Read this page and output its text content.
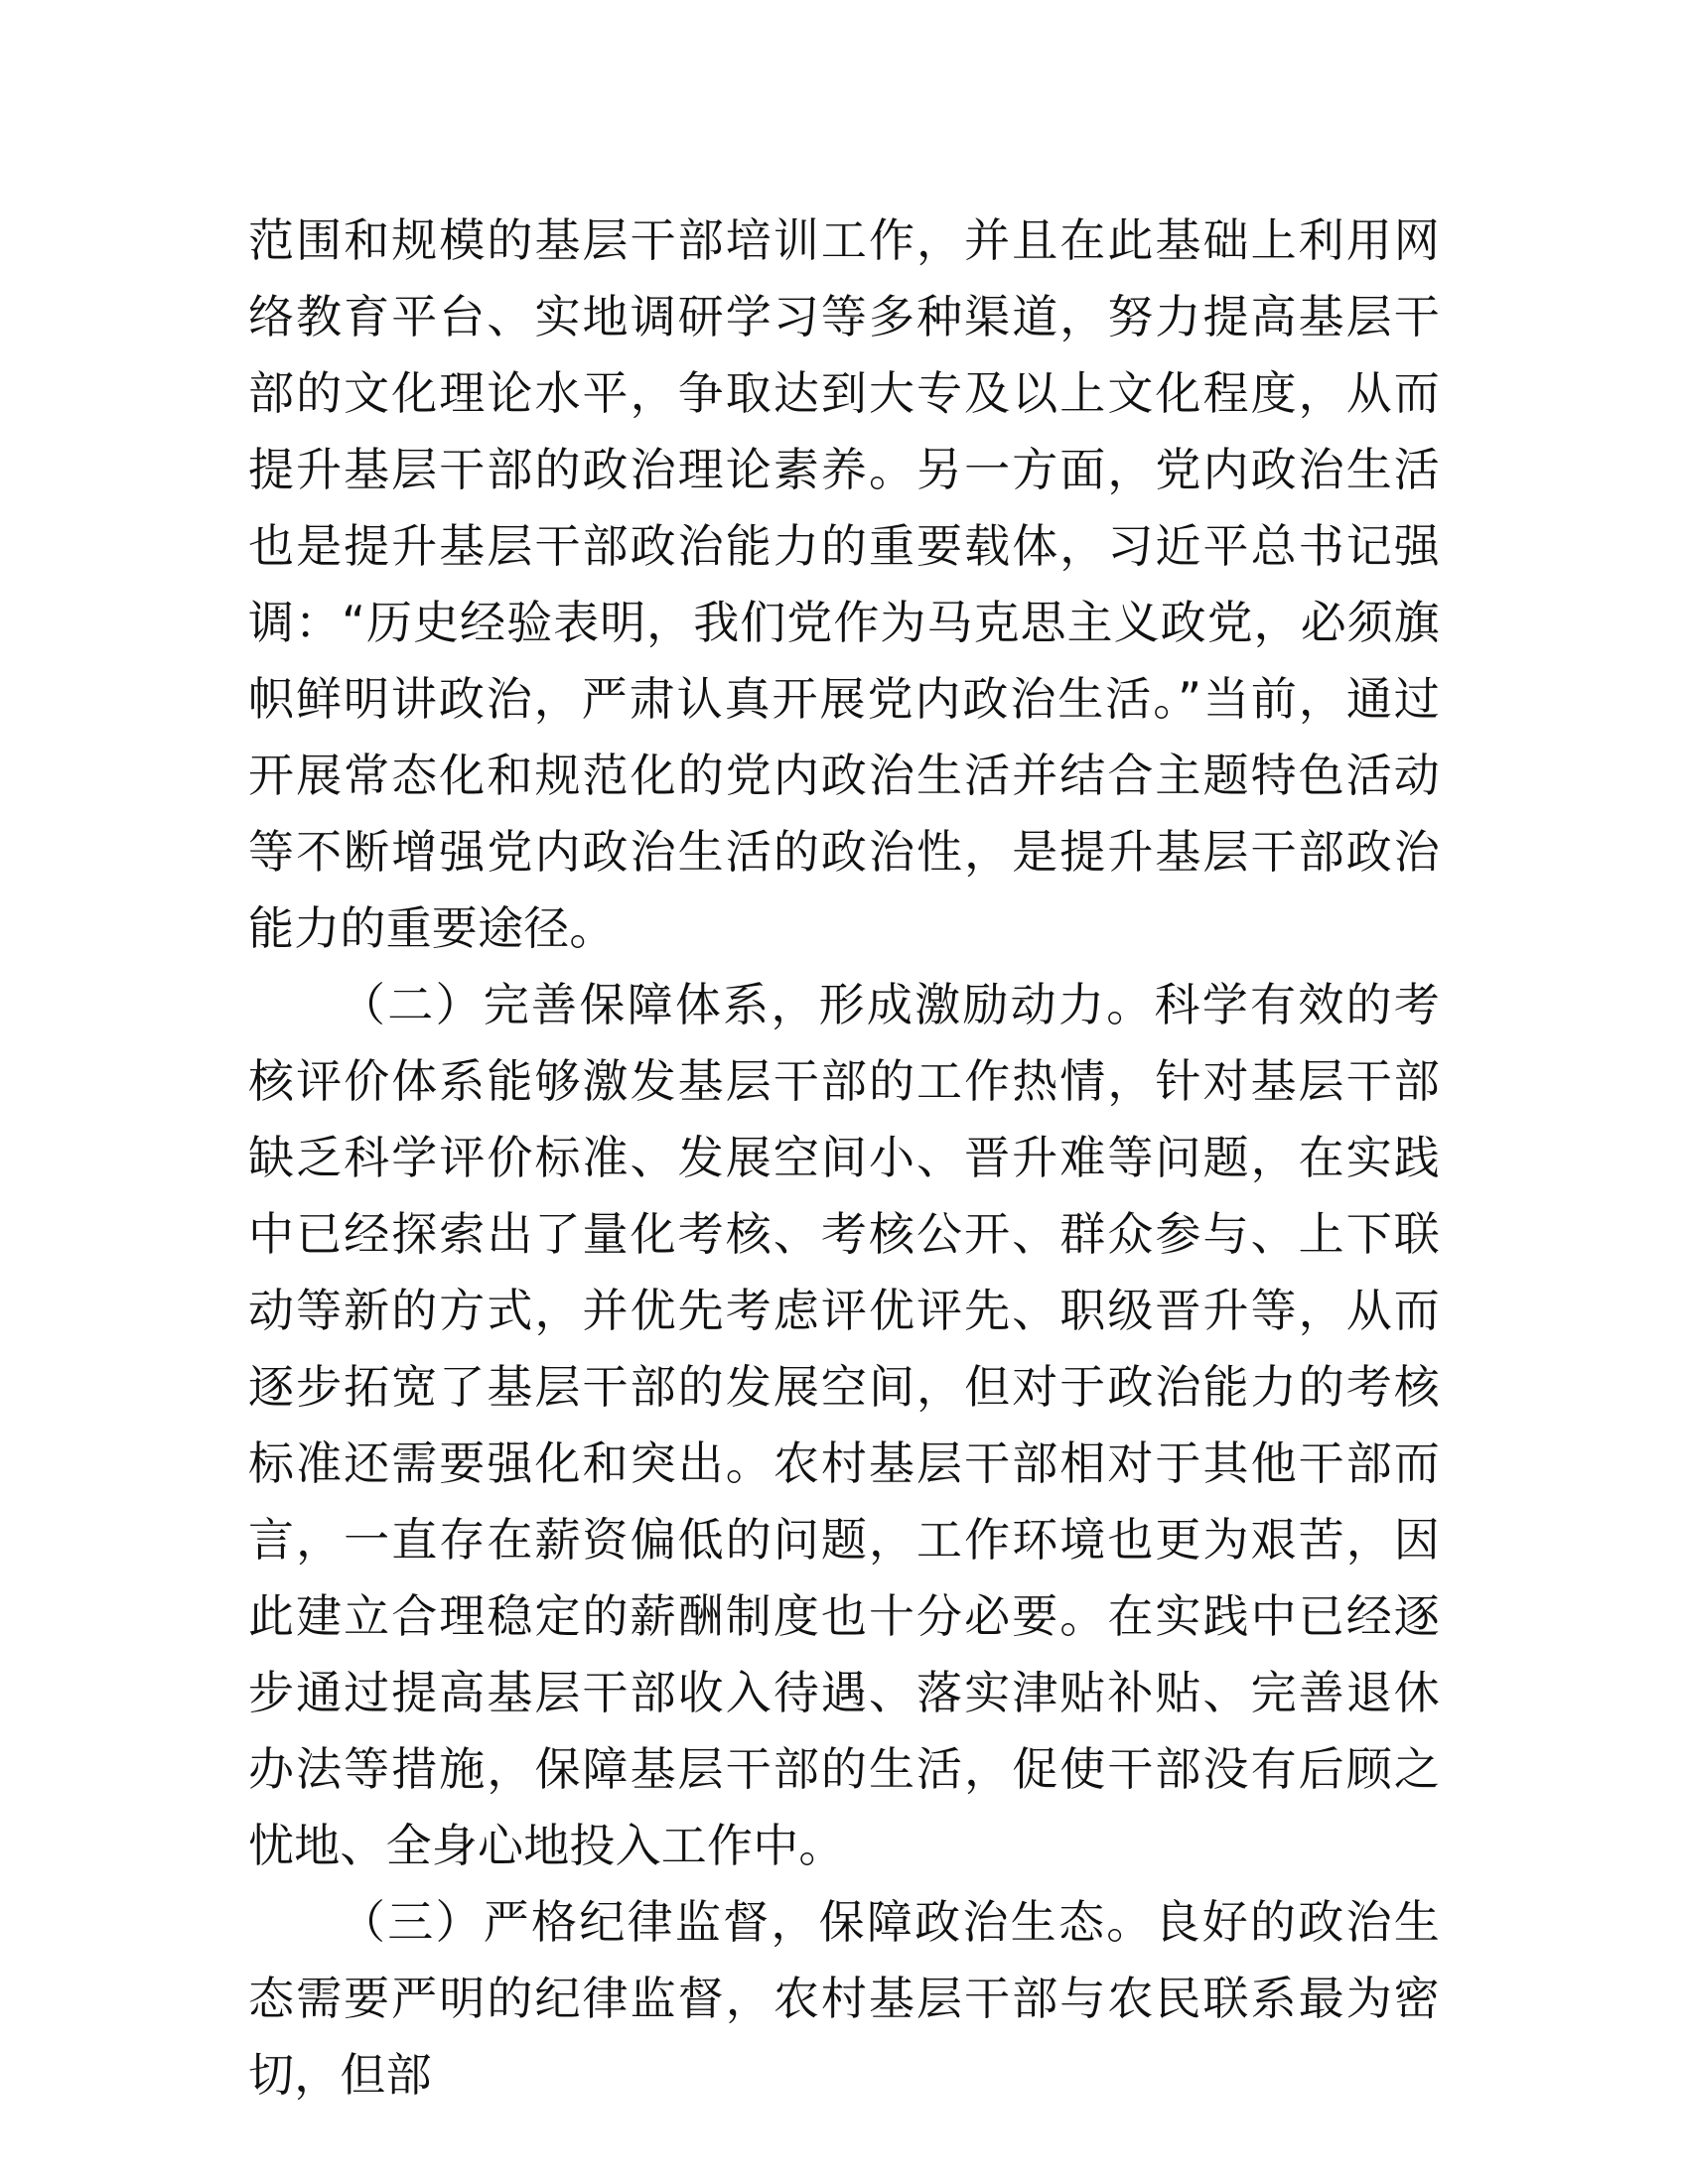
范围和规模的基层干部培训工作，并且在此基础上利用网络教育平台、实地调研学习等多种渠道，努力提高基层干部的文化理论水平，争取达到大专及以上文化程度，从而提升基层干部的政治理论素养。另一方面，党内政治生活也是提升基层干部政治能力的重要载体，习近平总书记强调：“历史经验表明，我们党作为马克思主义政党，必须旗帜鲜明讲政治，严肃认真开展党内政治生活。”当前，通过开展常态化和规范化的党内政治生活并结合主题特色活动等不断增强党内政治生活的政治性，是提升基层干部政治能力的重要途径。

（二）完善保障体系，形成激励动力。科学有效的考核评价体系能够激发基层干部的工作热情，针对基层干部缺乏科学评价标准、发展空间小、晋升难等问题，在实践中已经探索出了量化考核、考核公开、群众参与、上下联动等新的方式，并优先考虑评优评先、职级晋升等，从而逐步拓宽了基层干部的发展空间，但对于政治能力的考核标准还需要强化和突出。农村基层干部相对于其他干部而言，一直存在薪资偏低的问题，工作环境也更为艰苦，因此建立合理稳定的薪酬制度也十分必要。在实践中已经逐步通过提高基层干部收入待遇、落实津贴补贴、完善退休办法等措施，保障基层干部的生活，促使干部没有后顾之忧地、全身心地投入工作中。

（三）严格纪律监督，保障政治生态。良好的政治生态需要严明的纪律监督，农村基层干部与农民联系最为密切，但部
